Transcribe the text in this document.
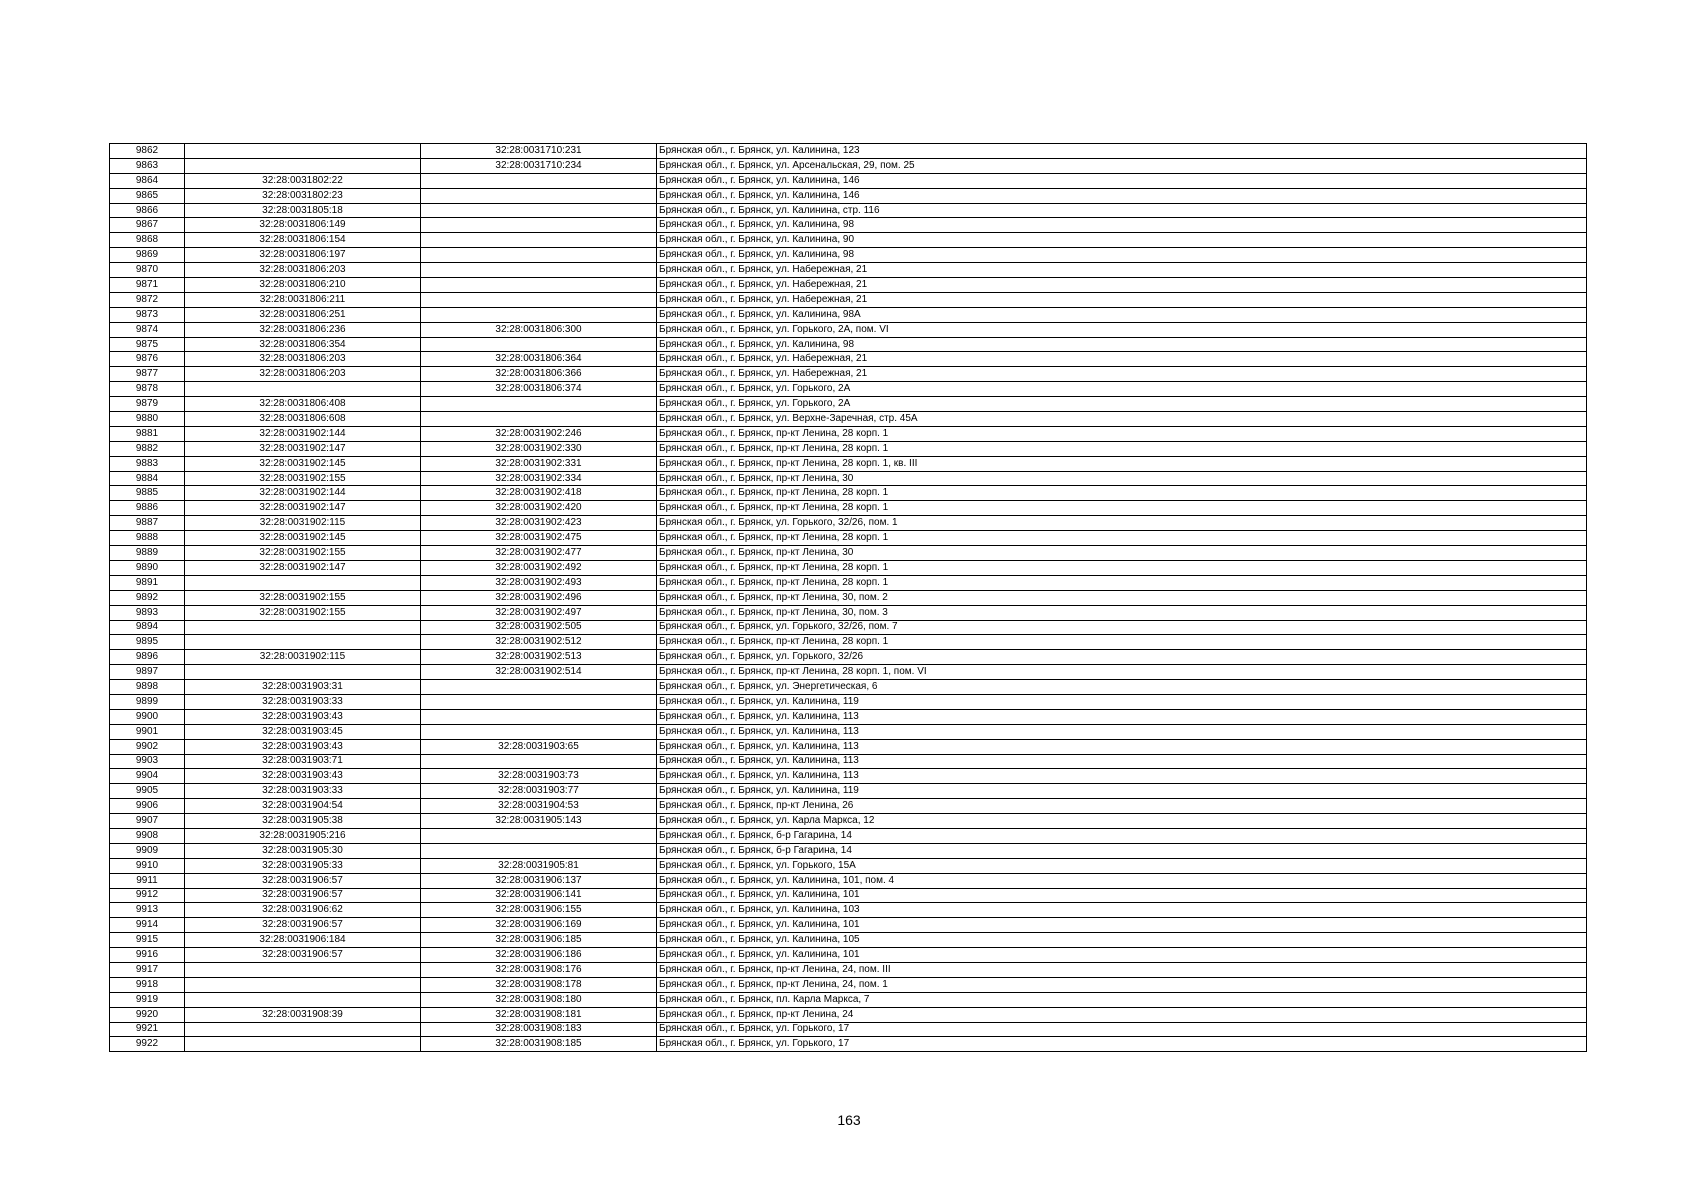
9862		32:28:0031710:231	Брянская обл., г. Брянск, ул. Калинина, 123
9863		32:28:0031710:234	Брянская обл., г. Брянск, ул. Арсенальская, 29, пом. 25
9864	32:28:0031802:22		Брянская обл., г. Брянск, ул. Калинина, 146
9865	32:28:0031802:23		Брянская обл., г. Брянск, ул. Калинина, 146
9866	32:28:0031805:18		Брянская обл., г. Брянск, ул. Калинина, стр. 116
9867	32:28:0031806:149		Брянская обл., г. Брянск, ул. Калинина, 98
9868	32:28:0031806:154		Брянская обл., г. Брянск, ул. Калинина, 90
9869	32:28:0031806:197		Брянская обл., г. Брянск, ул. Калинина, 98
9870	32:28:0031806:203		Брянская обл., г. Брянск, ул. Набережная, 21
9871	32:28:0031806:210		Брянская обл., г. Брянск, ул. Набережная, 21
9872	32:28:0031806:211		Брянская обл., г. Брянск, ул. Набережная, 21
9873	32:28:0031806:251		Брянская обл., г. Брянск, ул. Калинина, 98А
9874	32:28:0031806:236	32:28:0031806:300	Брянская обл., г. Брянск, ул. Горького, 2А, пом. VI
9875	32:28:0031806:354		Брянская обл., г. Брянск, ул. Калинина, 98
9876	32:28:0031806:203	32:28:0031806:364	Брянская обл., г. Брянск, ул. Набережная, 21
9877	32:28:0031806:203	32:28:0031806:366	Брянская обл., г. Брянск, ул. Набережная, 21
9878		32:28:0031806:374	Брянская обл., г. Брянск, ул. Горького, 2А
9879	32:28:0031806:408		Брянская обл., г. Брянск, ул. Горького, 2А
9880	32:28:0031806:608		Брянская обл., г. Брянск, ул. Верхне-Заречная, стр. 45А
9881	32:28:0031902:144	32:28:0031902:246	Брянская обл., г. Брянск, пр-кт Ленина, 28 корп. 1
9882	32:28:0031902:147	32:28:0031902:330	Брянская обл., г. Брянск, пр-кт Ленина, 28 корп. 1
9883	32:28:0031902:145	32:28:0031902:331	Брянская обл., г. Брянск, пр-кт Ленина, 28 корп. 1, кв. III
9884	32:28:0031902:155	32:28:0031902:334	Брянская обл., г. Брянск, пр-кт Ленина, 30
9885	32:28:0031902:144	32:28:0031902:418	Брянская обл., г. Брянск, пр-кт Ленина, 28 корп. 1
9886	32:28:0031902:147	32:28:0031902:420	Брянская обл., г. Брянск, пр-кт Ленина, 28 корп. 1
9887	32:28:0031902:115	32:28:0031902:423	Брянская обл., г. Брянск, ул. Горького, 32/26, пом. 1
9888	32:28:0031902:145	32:28:0031902:475	Брянская обл., г. Брянск, пр-кт Ленина, 28 корп. 1
9889	32:28:0031902:155	32:28:0031902:477	Брянская обл., г. Брянск, пр-кт Ленина, 30
9890	32:28:0031902:147	32:28:0031902:492	Брянская обл., г. Брянск, пр-кт Ленина, 28 корп. 1
9891		32:28:0031902:493	Брянская обл., г. Брянск, пр-кт Ленина, 28 корп. 1
9892	32:28:0031902:155	32:28:0031902:496	Брянская обл., г. Брянск, пр-кт Ленина, 30, пом. 2
9893	32:28:0031902:155	32:28:0031902:497	Брянская обл., г. Брянск, пр-кт Ленина, 30, пом. 3
9894		32:28:0031902:505	Брянская обл., г. Брянск, ул. Горького, 32/26, пом. 7
9895		32:28:0031902:512	Брянская обл., г. Брянск, пр-кт Ленина, 28 корп. 1
9896	32:28:0031902:115	32:28:0031902:513	Брянская обл., г. Брянск, ул. Горького, 32/26
9897		32:28:0031902:514	Брянская обл., г. Брянск, пр-кт Ленина, 28 корп. 1, пом. VI
9898	32:28:0031903:31		Брянская обл., г. Брянск, ул. Энергетическая, 6
9899	32:28:0031903:33		Брянская обл., г. Брянск, ул. Калинина, 119
9900	32:28:0031903:43		Брянская обл., г. Брянск, ул. Калинина, 113
9901	32:28:0031903:45		Брянская обл., г. Брянск, ул. Калинина, 113
9902	32:28:0031903:43	32:28:0031903:65	Брянская обл., г. Брянск, ул. Калинина, 113
9903	32:28:0031903:71		Брянская обл., г. Брянск, ул. Калинина, 113
9904	32:28:0031903:43	32:28:0031903:73	Брянская обл., г. Брянск, ул. Калинина, 113
9905	32:28:0031903:33	32:28:0031903:77	Брянская обл., г. Брянск, ул. Калинина, 119
9906	32:28:0031904:54	32:28:0031904:53	Брянская обл., г. Брянск, пр-кт Ленина, 26
9907	32:28:0031905:38	32:28:0031905:143	Брянская обл., г. Брянск, ул. Карла Маркса, 12
9908	32:28:0031905:216		Брянская обл., г. Брянск, б-р Гагарина, 14
9909	32:28:0031905:30		Брянская обл., г. Брянск, б-р Гагарина, 14
9910	32:28:0031905:33	32:28:0031905:81	Брянская обл., г. Брянск, ул. Горького, 15А
9911	32:28:0031906:57	32:28:0031906:137	Брянская обл., г. Брянск, ул. Калинина, 101, пом. 4
9912	32:28:0031906:57	32:28:0031906:141	Брянская обл., г. Брянск, ул. Калинина, 101
9913	32:28:0031906:62	32:28:0031906:155	Брянская обл., г. Брянск, ул. Калинина, 103
9914	32:28:0031906:57	32:28:0031906:169	Брянская обл., г. Брянск, ул. Калинина, 101
9915	32:28:0031906:184	32:28:0031906:185	Брянская обл., г. Брянск, ул. Калинина, 105
9916	32:28:0031906:57	32:28:0031906:186	Брянская обл., г. Брянск, ул. Калинина, 101
9917		32:28:0031908:176	Брянская обл., г. Брянск, пр-кт Ленина, 24, пом. III
9918		32:28:0031908:178	Брянская обл., г. Брянск, пр-кт Ленина, 24, пом. 1
9919		32:28:0031908:180	Брянская обл., г. Брянск, пл. Карла Маркса, 7
9920	32:28:0031908:39	32:28:0031908:181	Брянская обл., г. Брянск, пр-кт Ленина, 24
9921		32:28:0031908:183	Брянская обл., г. Брянск, ул. Горького, 17
9922		32:28:0031908:185	Брянская обл., г. Брянск, ул. Горького, 17
163
